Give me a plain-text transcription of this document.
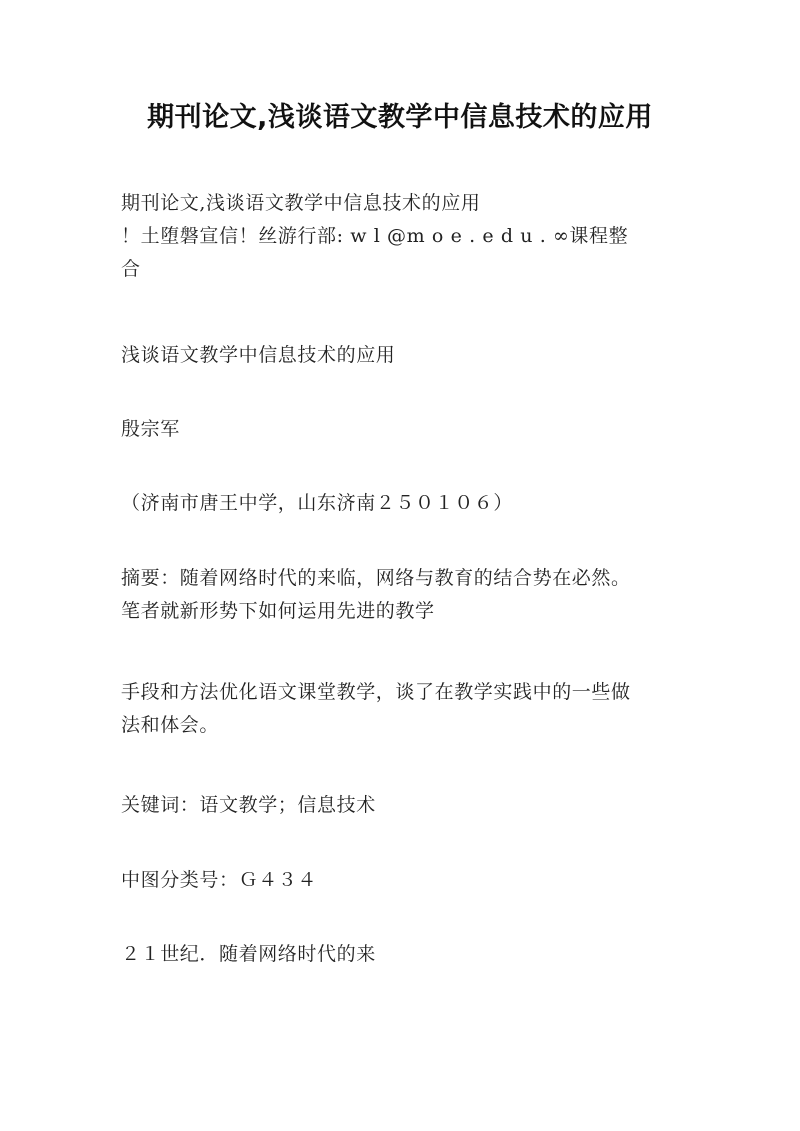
期刊论文,浅谈语文教学中信息技术的应用
期刊论文,浅谈语文教学中信息技术的应用
！土堕磐宣信！丝游行部: w l @m o e . e d u . ∞课程整
合
浅谈语文教学中信息技术的应用
殷宗军
（济南市唐王中学，山东济南２５０１０６）
摘要：随着网络时代的来临，网络与教育的结合势在必然。
笔者就新形势下如何运用先进的教学
手段和方法优化语文课堂教学，谈了在教学实践中的一些做
法和体会。
关键词：语文教学；信息技术
中图分类号：Ｇ４３４
２１世纪．随着网络时代的来
